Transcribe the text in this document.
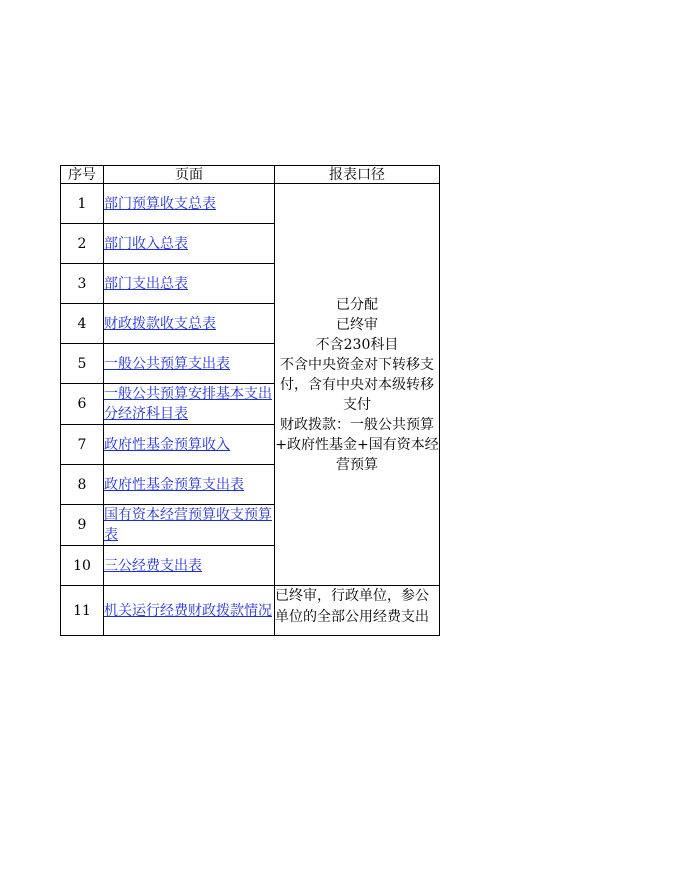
序号	页面	报表口径
1	部门预算收支总表	已分配
已终审
不含230科目
不含中央资金对下转移支付，含有中央对本级转移支付
财政拨款：一般公共预算+政府性基金+国有资本经营预算

2	部门收入总表	
3	部门支出总表	
4	财政拨款收支总表	
5	一般公共预算支出表	
6	一般公共预算安排基本支出分经济科目表	
7	政府性基金预算收入	
8	政府性基金预算支出表	
9	国有资本经营预算收支预算表	
10	三公经费支出表	
11	机关运行经费财政拨款情况	已终审，行政单位，参公单位的全部公用经费支出
